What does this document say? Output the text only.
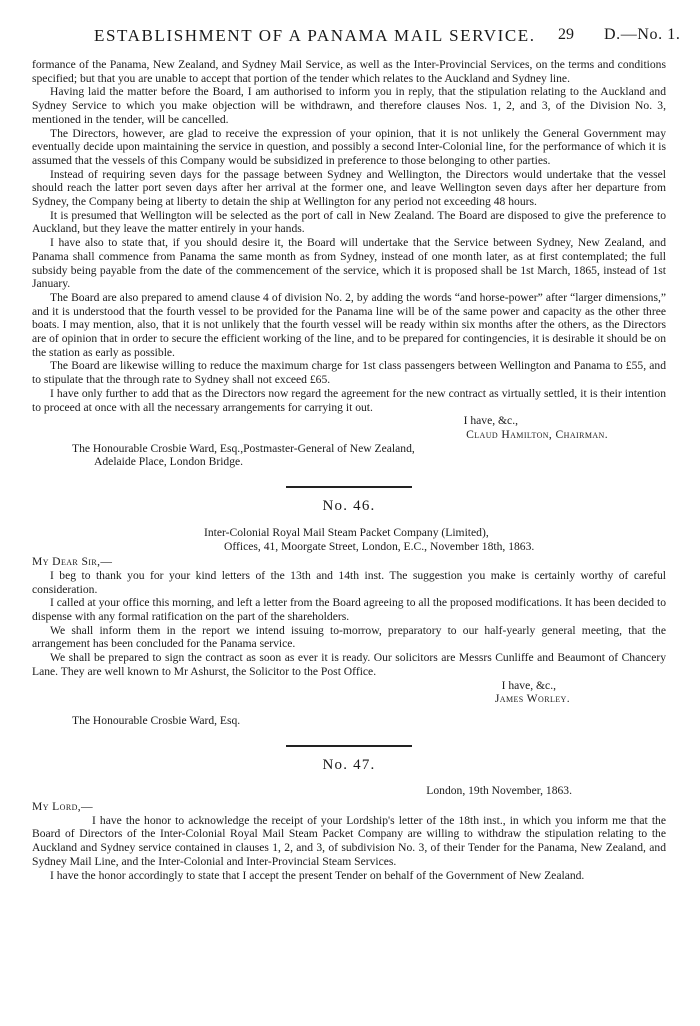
ESTABLISHMENT OF A PANAMA MAIL SERVICE. 29 D.—No. 1.

formance of the Panama, New Zealand, and Sydney Mail Service, as well as the Inter-Provincial Services, on the terms and conditions specified; but that you are unable to accept that portion of the tender which relates to the Auckland and Sydney line.

Having laid the matter before the Board, I am authorised to inform you in reply, that the stipulation relating to the Auckland and Sydney Service to which you make objection will be withdrawn, and therefore clauses Nos. 1, 2, and 3, of the Division No. 3, mentioned in the tender, will be cancelled.

The Directors, however, are glad to receive the expression of your opinion, that it is not unlikely the General Government may eventually decide upon maintaining the service in question, and possibly a second Inter-Colonial line, for the performance of which it is assumed that the vessels of this Company would be subsidized in preference to those belonging to other parties.

Instead of requiring seven days for the passage between Sydney and Wellington, the Directors would undertake that the vessel should reach the latter port seven days after her arrival at the former one, and leave Wellington seven days after her departure from Sydney, the Company being at liberty to detain the ship at Wellington for any period not exceeding 48 hours.

It is presumed that Wellington will be selected as the port of call in New Zealand. The Board are disposed to give the preference to Auckland, but they leave the matter entirely in your hands.

I have also to state that, if you should desire it, the Board will undertake that the Service between Sydney, New Zealand, and Panama shall commence from Panama the same month as from Sydney, instead of one month later, as at first contemplated; the full subsidy being payable from the date of the commencement of the service, which it is proposed shall be 1st March, 1865, instead of 1st January.

The Board are also prepared to amend clause 4 of division No. 2, by adding the words “and horse-power” after “larger dimensions,” and it is understood that the fourth vessel to be provided for the Panama line will be of the same power and capacity as the other three boats. I may mention, also, that it is not unlikely that the fourth vessel will be ready within six months after the others, as the Directors are of opinion that in order to secure the efficient working of the line, and to be prepared for contingencies, it is desirable it should be on the station as early as possible.

The Board are likewise willing to reduce the maximum charge for 1st class passengers between Wellington and Panama to £55, and to stipulate that the through rate to Sydney shall not exceed £65.

I have only further to add that as the Directors now regard the agreement for the new contract as virtually settled, it is their intention to proceed at once with all the necessary arrangements for carrying it out.

I have, &c.,

Claud Hamilton, Chairman.

The Honourable Crosbie Ward, Esq.,Postmaster-General of New Zealand,

Adelaide Place, London Bridge.

No. 46.

Inter-Colonial Royal Mail Steam Packet Company (Limited),

Offices, 41, Moorgate Street, London, E.C., November 18th, 1863.

My Dear Sir,—

I beg to thank you for your kind letters of the 13th and 14th inst. The suggestion you make is certainly worthy of careful consideration.

I called at your office this morning, and left a letter from the Board agreeing to all the proposed modifications. It has been decided to dispense with any formal ratification on the part of the shareholders.

We shall inform them in the report we intend issuing to-morrow, preparatory to our half-yearly general meeting, that the arrangement has been concluded for the Panama service.

We shall be prepared to sign the contract as soon as ever it is ready. Our solicitors are Messrs Cunliffe and Beaumont of Chancery Lane. They are well known to Mr Ashurst, the Solicitor to the Post Office.

I have, &c.,

James Worley.

The Honourable Crosbie Ward, Esq.

No. 47.

London, 19th November, 1863.

My Lord,—

I have the honor to acknowledge the receipt of your Lordship's letter of the 18th inst., in which you inform me that the Board of Directors of the Inter-Colonial Royal Mail Steam Packet Company are willing to withdraw the stipulation relating to the Auckland and Sydney service contained in clauses 1, 2, and 3, of subdivision No. 3, of their Tender for the Panama, New Zealand, and Sydney Mail Line, and the Inter-Colonial and Inter-Provincial Steam Services.

I have the honor accordingly to state that I accept the present Tender on behalf of the Government of New Zealand.
